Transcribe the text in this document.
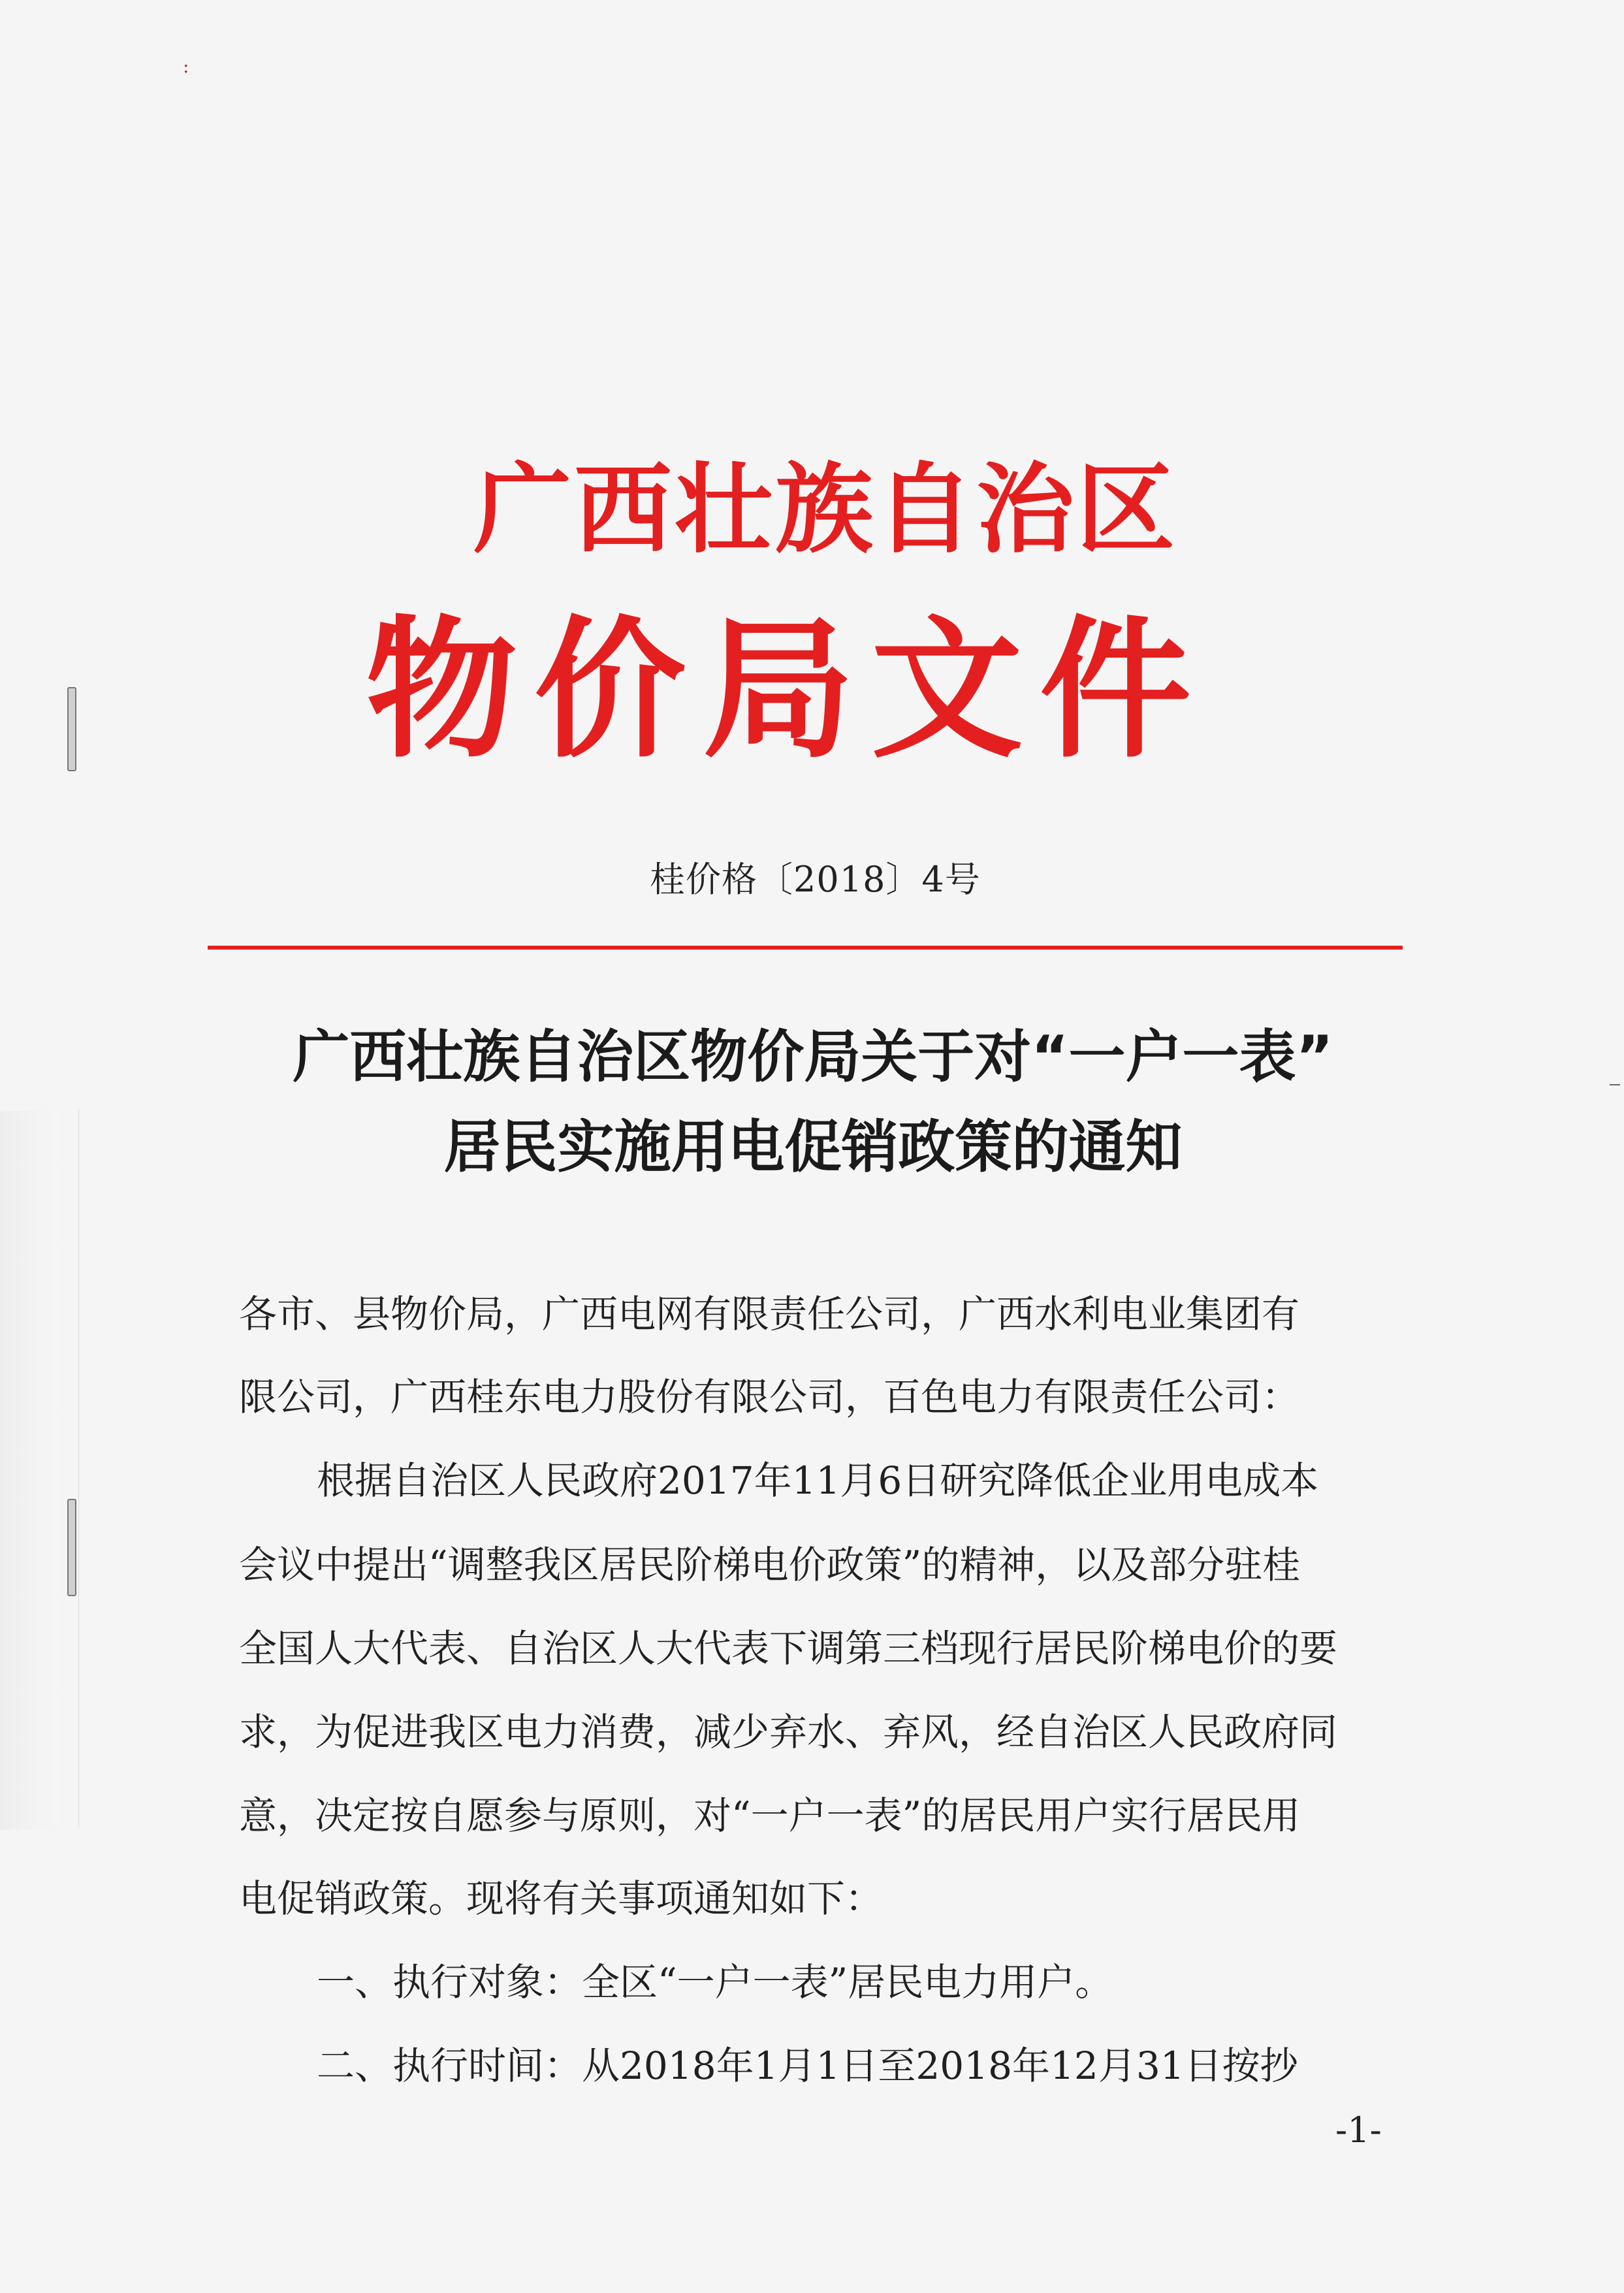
:
广西壮族自治区
物价局文件
桂价格〔2018〕4号
广西壮族自治区物价局关于对“一户一表”
居民实施用电促销政策的通知
各市、县物价局，广西电网有限责任公司，广西水利电业集团有
限公司，广西桂东电力股份有限公司，百色电力有限责任公司：
根据自治区人民政府2017年11月6日研究降低企业用电成本
会议中提出“调整我区居民阶梯电价政策”的精神，以及部分驻桂
全国人大代表、自治区人大代表下调第三档现行居民阶梯电价的要
求，为促进我区电力消费，减少弃水、弃风，经自治区人民政府同
意，决定按自愿参与原则，对“一户一表”的居民用户实行居民用
电促销政策。现将有关事项通知如下：
一、执行对象：全区“一户一表”居民电力用户。
二、执行时间：从2018年1月1日至2018年12月31日按抄
-1-
